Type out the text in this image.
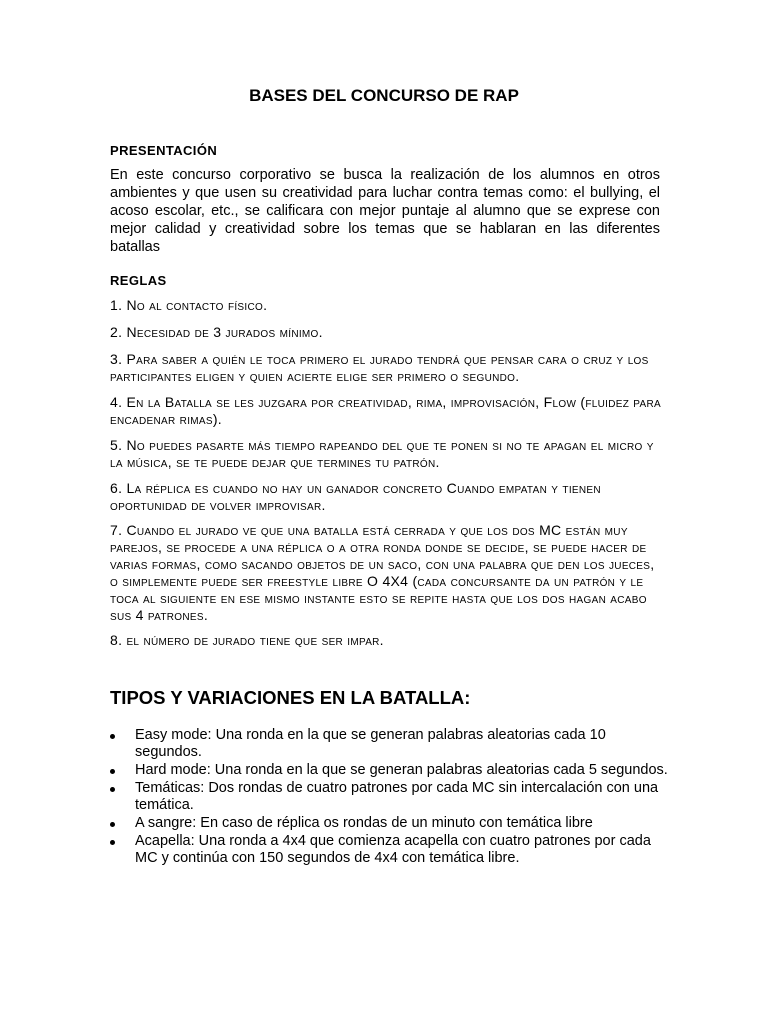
BASES DEL CONCURSO DE RAP
PRESENTACIÓN
En este concurso corporativo se busca la realización de los alumnos en otros ambientes y que usen su creatividad para luchar contra temas como: el bullying, el acoso escolar, etc., se calificara con mejor puntaje al alumno que se exprese con mejor calidad y creatividad sobre los temas que se hablaran en las diferentes batallas
REGLAS
1. No al contacto físico.
2. Necesidad de 3 jurados mínimo.
3. Para saber a quién le toca primero el jurado tendrá que pensar cara o cruz y los participantes eligen y quien acierte elige ser primero o segundo.
4. En la Batalla se les juzgara por creatividad, rima, improvisación, Flow (fluidez para encadenar rimas).
5. No puedes pasarte más tiempo rapeando del que te ponen si no te apagan el micro y la música, se te puede dejar que termines tu patrón.
6. La réplica es cuando no hay un ganador concreto Cuando empatan y tienen oportunidad de volver improvisar.
7. Cuando el jurado ve que una batalla está cerrada y que los dos MC están muy parejos, se procede a una réplica o a otra ronda donde se decide, se puede hacer de varias formas, como sacando objetos de un saco, con una palabra que den los jueces, o simplemente puede ser freestyle libre O 4X4 (cada concursante da un patrón y le toca al siguiente en ese mismo instante esto se repite hasta que los dos hagan acabo sus 4 patrones.
8. el número de jurado tiene que ser impar.
TIPOS Y VARIACIONES EN LA BATALLA:
Easy mode: Una ronda en la que se generan palabras aleatorias cada 10 segundos.
Hard mode: Una ronda en la que se generan palabras aleatorias cada 5 segundos.
Temáticas: Dos rondas de cuatro patrones por cada MC sin intercalación con una temática.
A sangre: En caso de réplica os rondas de un minuto con temática libre
Acapella: Una ronda a 4x4 que comienza acapella con cuatro patrones por cada MC y continúa con 150 segundos de 4x4 con temática libre.
